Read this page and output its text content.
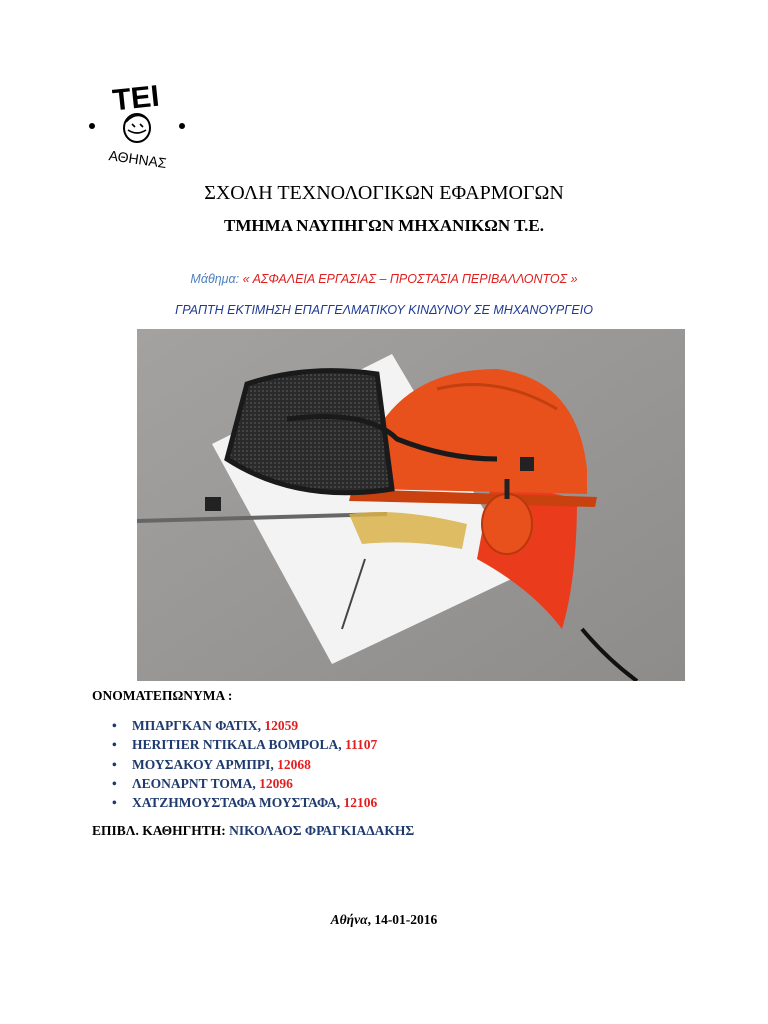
ΤΕΙ
ΑΘΗΝΑΣ
ΣΧΟΛΗ ΤΕΧΝΟΛΟΓΙΚΩΝ ΕΦΑΡΜΟΓΩΝ
ΤΜΗΜΑ ΝΑΥΠΗΓΩΝ ΜΗΧΑΝΙΚΩΝ Τ.Ε.
Μάθημα: « ΑΣΦΑΛΕΙΑ ΕΡΓΑΣΙΑΣ – ΠΡΟΣΤΑΣΙΑ ΠΕΡΙΒΑΛΛΟΝΤΟΣ »
ΓΡΑΠΤΗ ΕΚΤΙΜΗΣΗ ΕΠΑΓΓΕΛΜΑΤΙΚΟΥ ΚΙΝΔΥΝΟΥ ΣΕ ΜΗΧΑΝΟΥΡΓΕΙΟ
ΟΝΟΜΑΤΕΠΩΝΥΜΑ :
• ΜΠΑΡΓΚΑΝ ΦΑΤΙΧ, 12059
• HERITIER NTIKALA BOMPOLA, 11107
• ΜΟΥΣΑΚΟΥ ΑΡΜΠΡΙ, 12068
• ΛΕΟΝΑΡΝΤ ΤΟΜΑ, 12096
• ΧΑΤΖΗΜΟΥΣΤΑΦΑ ΜΟΥΣΤΑΦΑ, 12106
ΕΠΙΒΛ. ΚΑΘΗΓΗΤΗ: ΝΙΚΟΛΑΟΣ ΦΡΑΓΚΙΑΔΑΚΗΣ
Αθήνα, 14-01-2016
